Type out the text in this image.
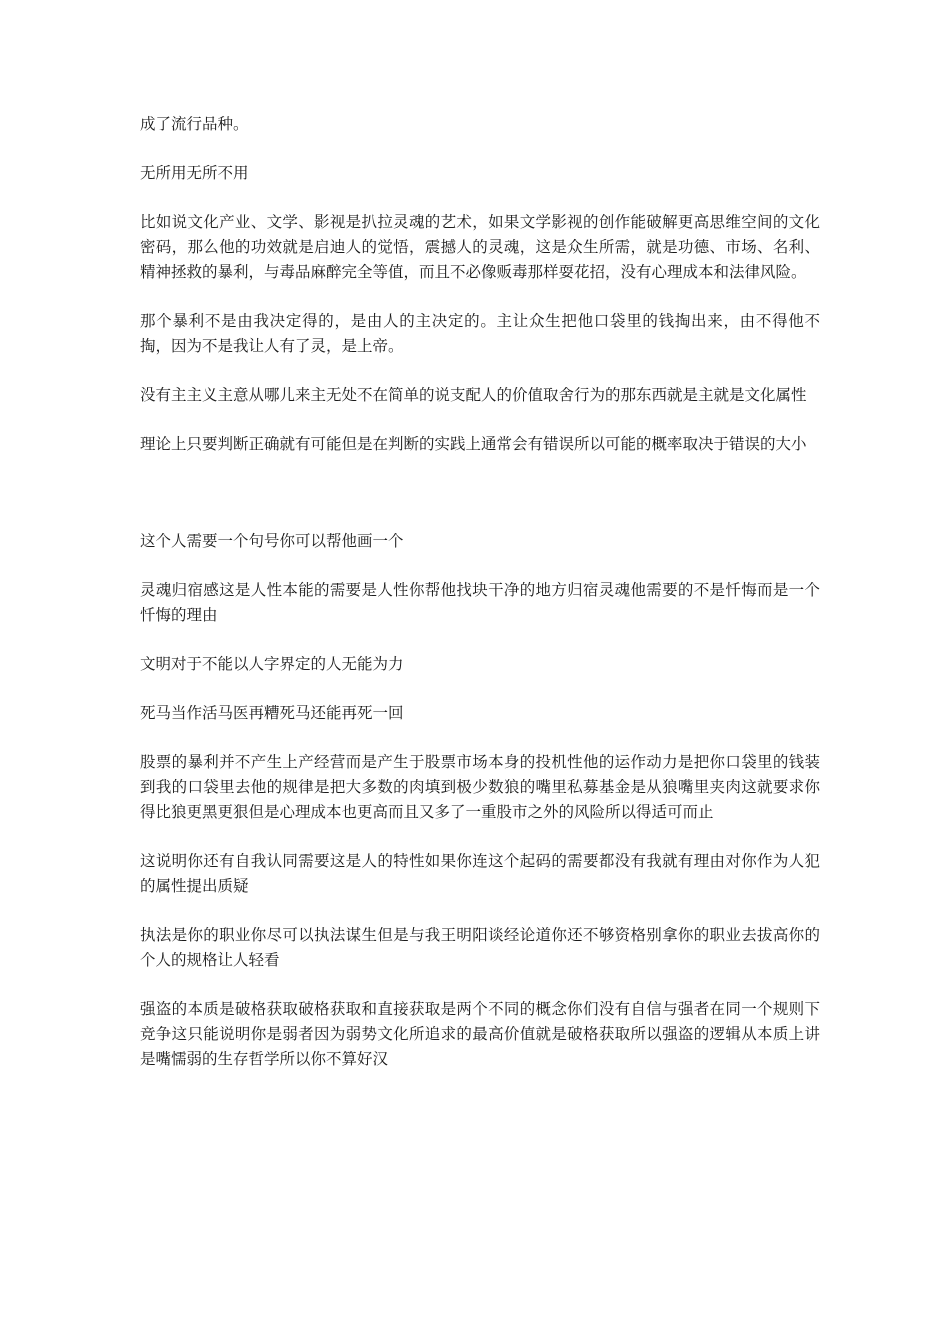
成了流行品种。

无所用无所不用

比如说文化产业、文学、影视是扒拉灵魂的艺术，如果文学影视的创作能破解更高思维空间的文化密码，那么他的功效就是启迪人的觉悟，震撼人的灵魂，这是众生所需，就是功德、市场、名利、精神拯救的暴利，与毒品麻醉完全等值，而且不必像贩毒那样耍花招，没有心理成本和法律风险。

那个暴利不是由我决定得的，是由人的主决定的。主让众生把他口袋里的钱掏出来，由不得他不掏，因为不是我让人有了灵，是上帝。

没有主主义主意从哪儿来主无处不在简单的说支配人的价值取舍行为的那东西就是主就是文化属性

理论上只要判断正确就有可能但是在判断的实践上通常会有错误所以可能的概率取决于错误的大小

这个人需要一个句号你可以帮他画一个

灵魂归宿感这是人性本能的需要是人性你帮他找块干净的地方归宿灵魂他需要的不是忏悔而是一个忏悔的理由

文明对于不能以人字界定的人无能为力

死马当作活马医再糟死马还能再死一回

股票的暴利并不产生上产经营而是产生于股票市场本身的投机性他的运作动力是把你口袋里的钱装到我的口袋里去他的规律是把大多数的肉填到极少数狼的嘴里私募基金是从狼嘴里夹肉这就要求你得比狼更黑更狠但是心理成本也更高而且又多了一重股市之外的风险所以得适可而止

这说明你还有自我认同需要这是人的特性如果你连这个起码的需要都没有我就有理由对你作为人犯的属性提出质疑

执法是你的职业你尽可以执法谋生但是与我王明阳谈经论道你还不够资格别拿你的职业去拔高你的个人的规格让人轻看

强盗的本质是破格获取破格获取和直接获取是两个不同的概念你们没有自信与强者在同一个规则下竞争这只能说明你是弱者因为弱势文化所追求的最高价值就是破格获取所以强盗的逻辑从本质上讲是嘴懦弱的生存哲学所以你不算好汉
